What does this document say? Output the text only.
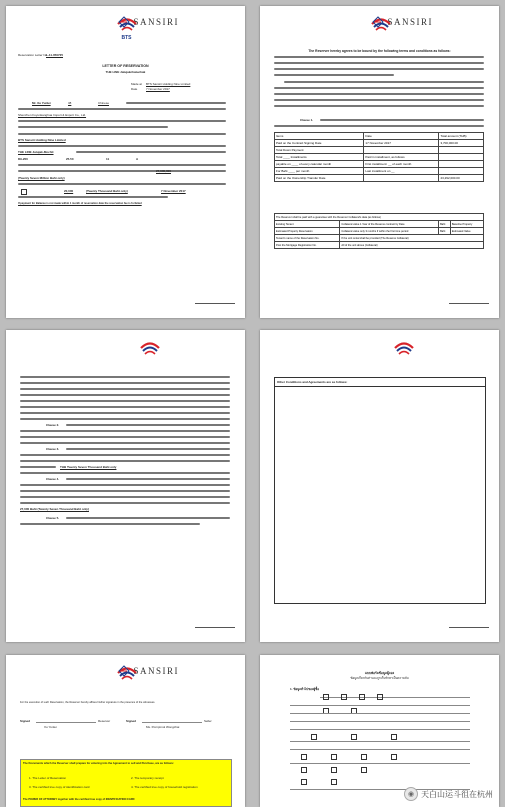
BTS
SANSIRI
Reservation Letter No.
L-11-050725
LETTER OF RESERVATION
THE LINE Jatujakchatuchak
Made at BTS Sansiri Holding Nine Limited
Date	7 November 2017
Mr. Xu Yunlei	38	Chinese
Shenzhen Fuyunkanghua Import & Export Co., Ltd.
BTS Sansiri Holding Nine Limited
THE LINE Jatujak-Mochit
D9-200	25.50	11	A
27,000,000
(Twenty Seven Million Baht only)
20,000	(Twenty Thousand Baht only)	7 November 2017
If payment for Balance is not made within 1 month of reservation date the reservation fee is forfeited
SANSIRI
The Reserver hereby agrees to be bound by the following terms and conditions as follows:
Clause 1.
Items	Date	Total amount (THB)
Paid on the Contract Signing Date	17 November 2017	3,700,000.00
Total Down Payment		
Total ____ Installments	Paid in installment, as follows	
payable on ____ of every calendar month	First installment: __ of each month	
For Baht ____ per month	Last installment on __	
Paid on the Ownership Transfer Date		23,292,000.00
The Reserver shall be paid with a guarantee with the Reserver Collateral's data (as follows)			
Existing Tenant	Collateral value 1 Year of the Reserve contract by Date	Baht	Baseline Property
Estimated Property Reservation	Collateral value only 3 months if within the first time period	Baht	Estimated Value
Tenant's name of the Reservation No.	If the unit rental shall be provided (The Reserve Collateral)		
Post the Mortgage Registration No.	All of the unit above (Collateral)		
Clause 2.
Clause 3.
THB Twenty Seven Thousand Baht only
Clause 4.
27,000 Baht (Twenty Seven Thousand Baht only)
Clause 5.
Other Conditions and Agreements are as follows:
SANSIRI
For the execution of such Reservation, the Reserver hereby affixes his/her signature in the presence of the witnesses.
Signed	Reserver
Xu Yunlei
Signed	Seller
Ms. Pornpimol Wongchai
The Documents which the Reserver shall prepare for entering into the Agreement to sell and Purchase, are as follows:
1. The Letter of Reservation	2. The temporary receipt
3. The certified true copy of identification card	4. The certified true copy of household registration
The POWER OF ATTORNEY together with the certified true copy of IDENTIFICATION CARD
แบบฟอร์มข้อมูลผู้จอง
ข้อมูลเกี่ยวกับท่านจะถูกเก็บรักษาเป็นความลับ
1. ข้อมูลทั่วไปของผู้ซื้อ
◉ 天白山运斗徂在杭州
